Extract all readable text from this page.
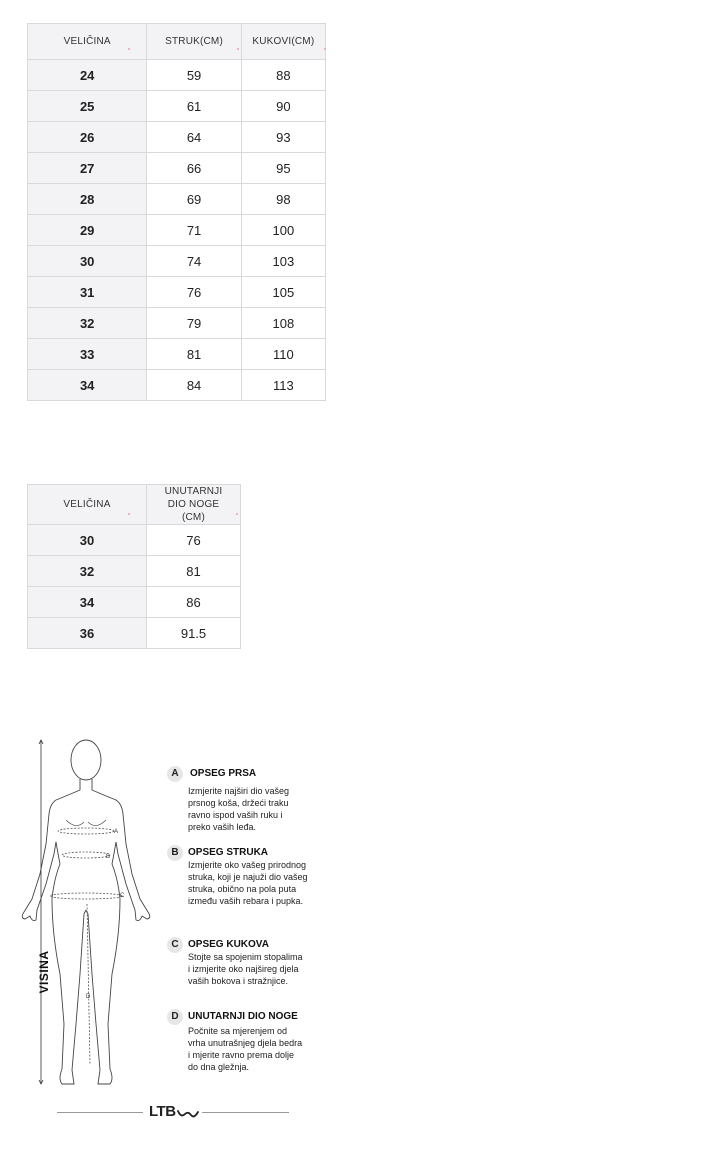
VELIČINA	STRUK(CM)	KUKOVI(CM)

24	59	88
25	61	90
26	64	93
27	66	95
28	69	98
29	71	100
30	74	103
31	76	105
32	79	108
33	81	110
34	84	113
VELIČINA	UNUTARNJI DIO NOGE (CM)

30	76
32	81
34	86
36	91.5
A
B
C
D
VISINA
A	OPSEG PRSA
Izmjerite najširi dio vašeg
prsnog koša, držeći traku
ravno ispod vaših ruku i
preko vaših leđa.
B OPSEG STRUKA
Izmjerite oko vašeg prirodnog
struka, koji je najuži dio vašeg
struka, obično na pola puta
između vaših rebara i pupka.
C OPSEG KUKOVA
Stojte sa spojenim stopalima
i izmjerite oko najšireg djela
vaših bokova i stražnjice.
D UNUTARNJI DIO NOGE
Počnite sa mjerenjem od
vrha unutrašnjeg djela bedra
i mjerite ravno prema dolje
do dna gležnja.
LTB
